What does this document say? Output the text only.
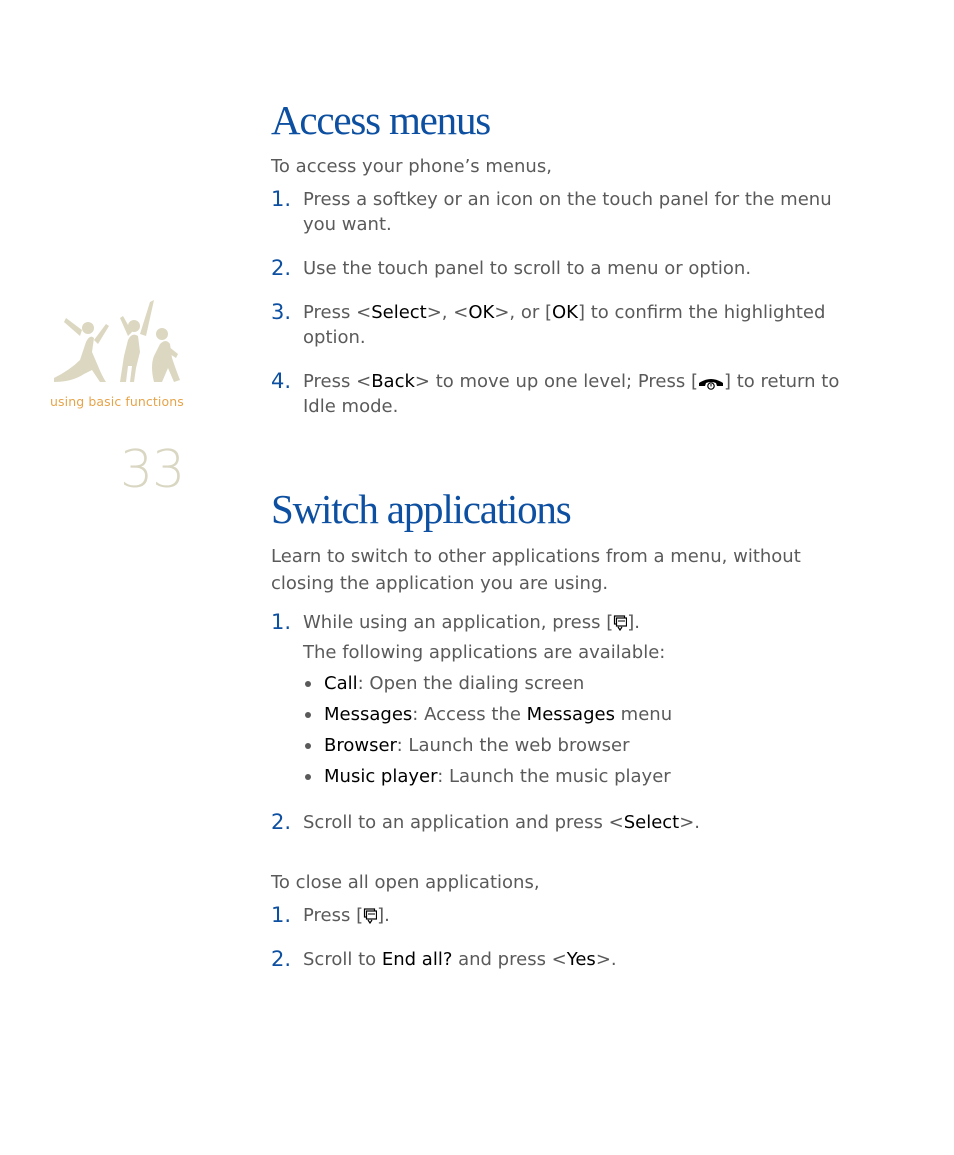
using basic functions
33
Access menus

To access your phone’s menus,

1. Press a softkey or an icon on the touch panel for the menu you want.
2. Use the touch panel to scroll to a menu or option.
3. Press <Select>, <OK>, or [OK] to confirm the highlighted option.
4. Press <Back> to move up one level; Press [ ] to return to Idle mode.
Switch applications

Learn to switch to other applications from a menu, without closing the application you are using.

1. While using an application, press [ ].
The following applications are available:
Call: Open the dialing screen
Messages: Access the Messages menu
Browser: Launch the web browser
Music player: Launch the music player
2. Scroll to an application and press <Select>.

To close all open applications,

1. Press [ ].
2. Scroll to End all? and press <Yes>.
